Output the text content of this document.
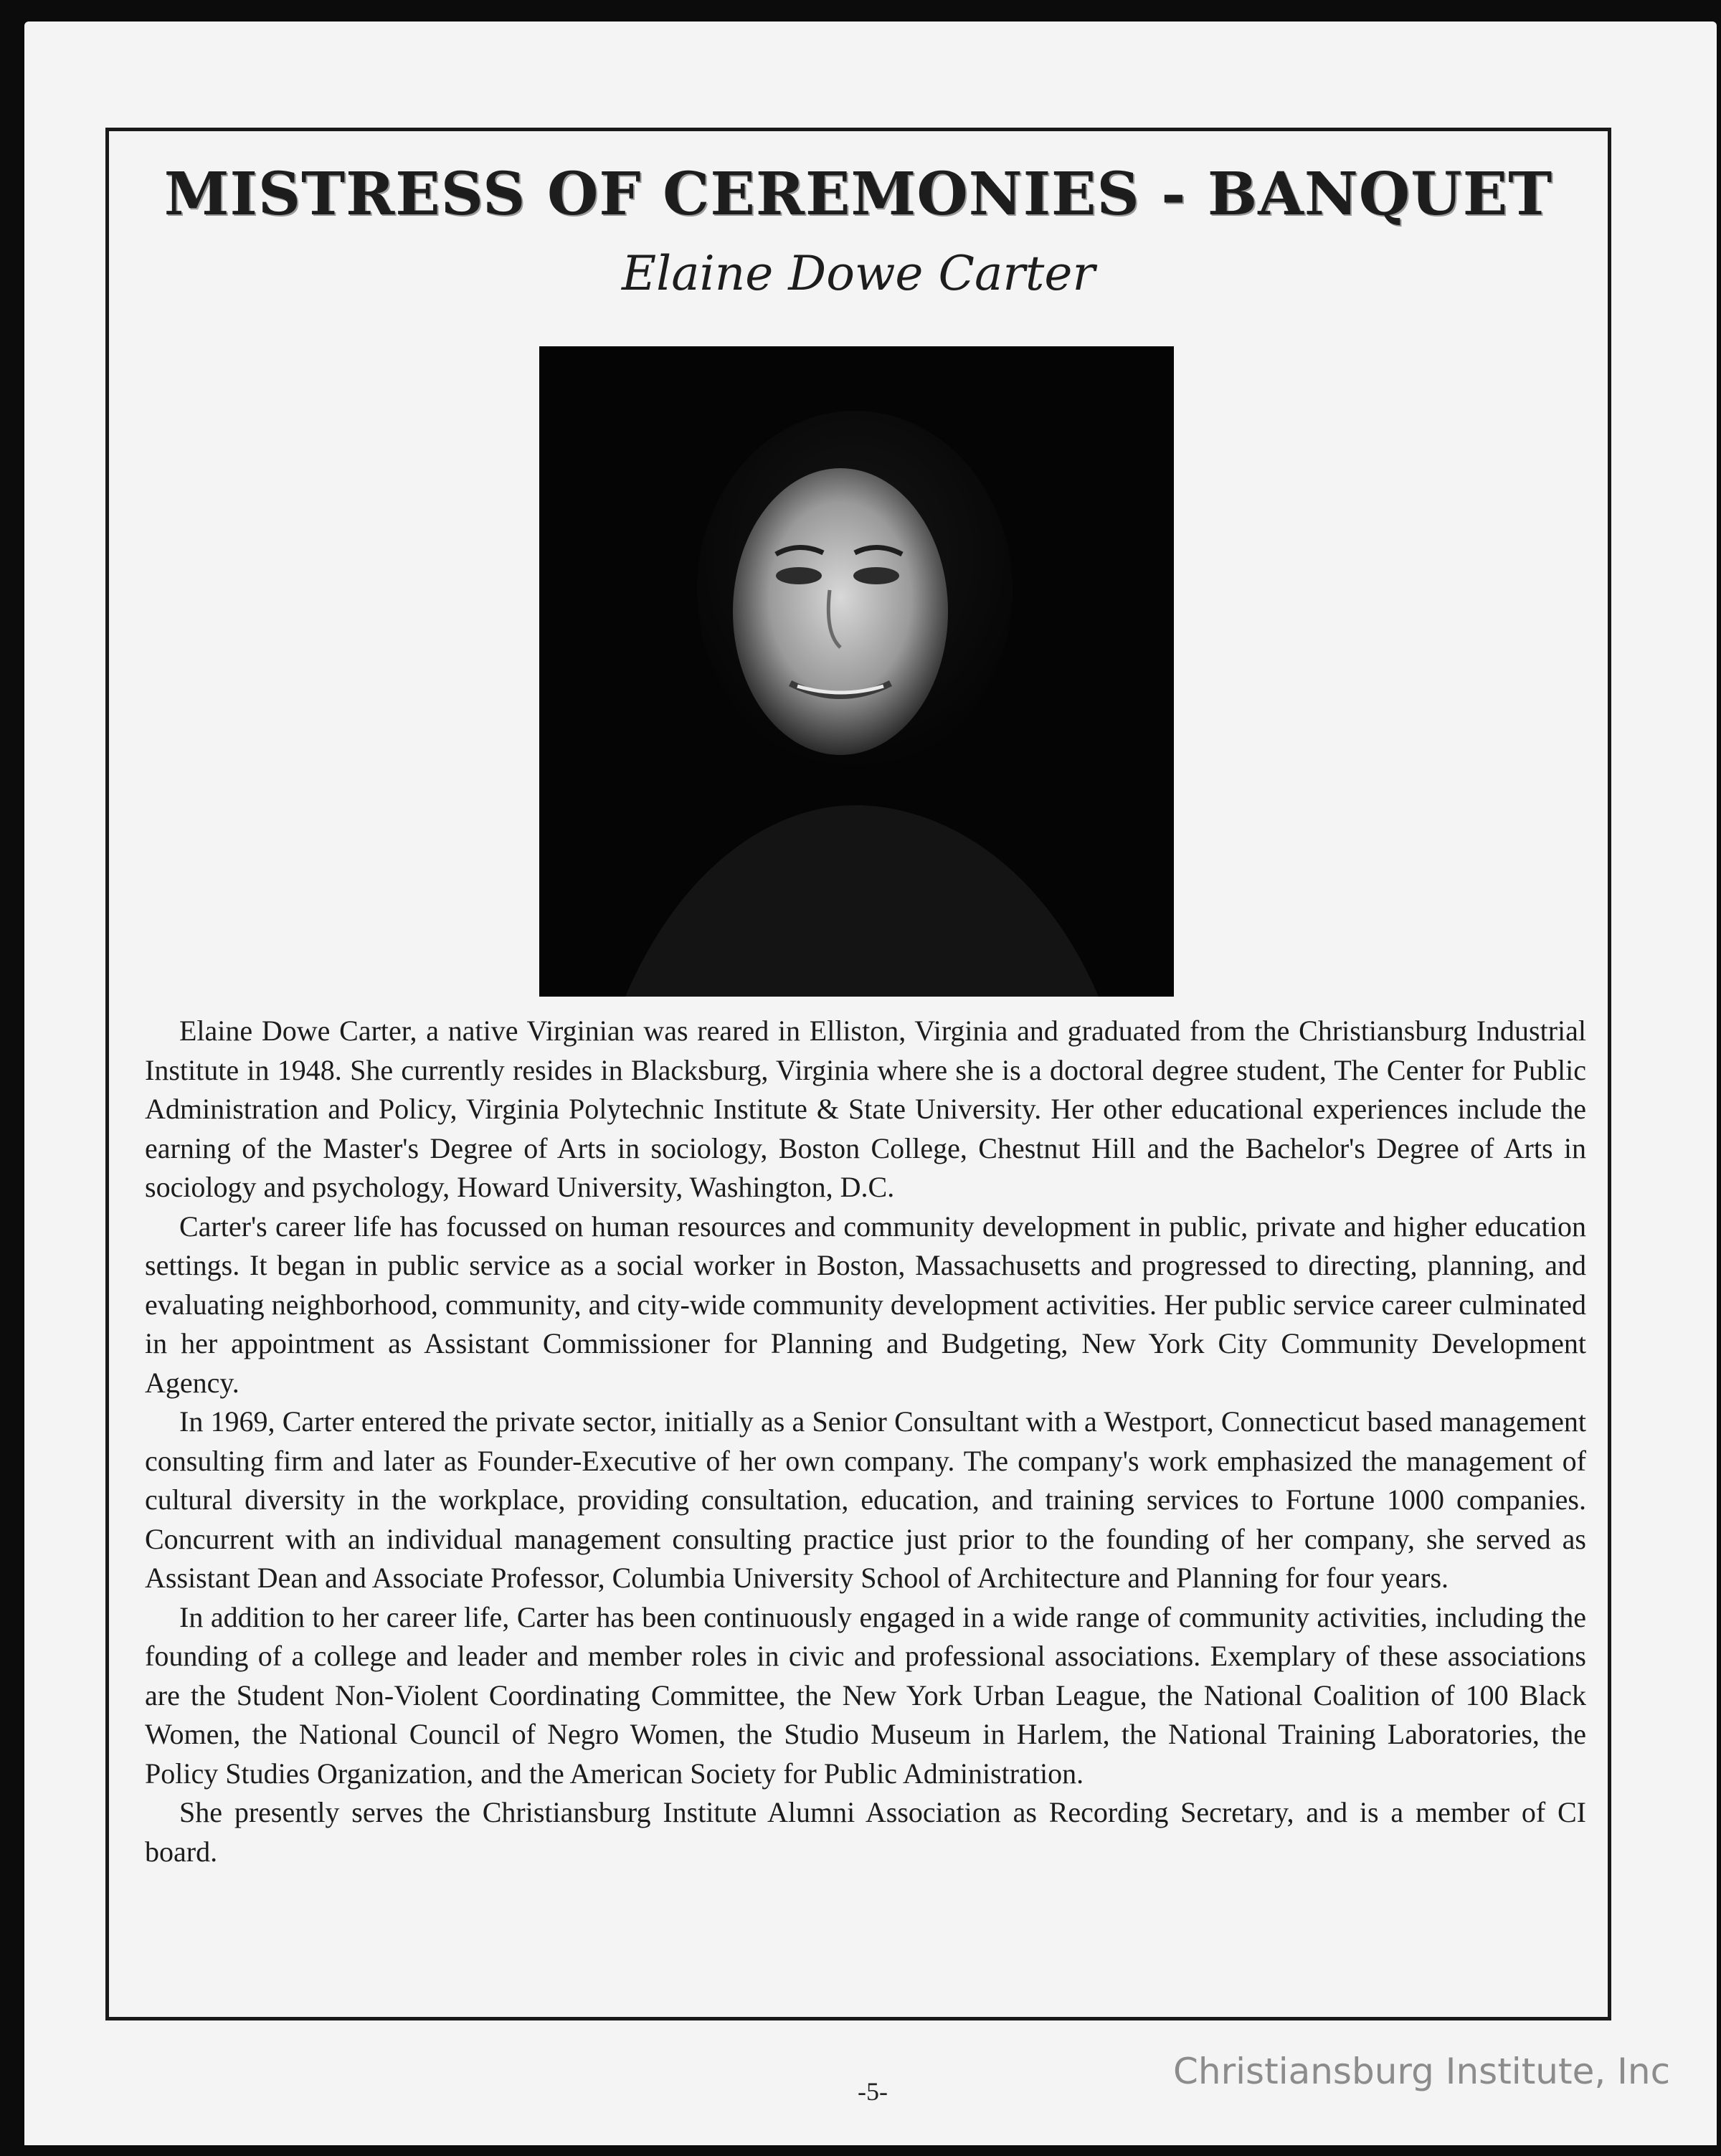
MISTRESS OF CEREMONIES - BANQUET
Elaine Dowe Carter

Elaine Dowe Carter, a native Virginian was reared in Elliston, Virginia and graduated from the Christiansburg Industrial Institute in 1948. She currently resides in Blacksburg, Virginia where she is a doctoral degree student, The Center for Public Administration and Policy, Virginia Polytechnic Institute & State University. Her other educational experiences include the earning of the Master's Degree of Arts in sociology, Boston College, Chestnut Hill and the Bachelor's Degree of Arts in sociology and psychology, Howard University, Washington, D.C.

Carter's career life has focussed on human resources and community development in public, private and higher education settings. It began in public service as a social worker in Boston, Massachusetts and progressed to directing, planning, and evaluating neighborhood, community, and city-wide community development activities. Her public service career culminated in her appointment as Assistant Commissioner for Planning and Budgeting, New York City Community Development Agency.

In 1969, Carter entered the private sector, initially as a Senior Consultant with a Westport, Connecticut based management consulting firm and later as Founder-Executive of her own company. The company's work emphasized the management of cultural diversity in the workplace, providing consultation, education, and training services to Fortune 1000 companies. Concurrent with an individual management consulting practice just prior to the founding of her company, she served as Assistant Dean and Associate Professor, Columbia University School of Architecture and Planning for four years.

In addition to her career life, Carter has been continuously engaged in a wide range of community activities, including the founding of a college and leader and member roles in civic and professional associations. Exemplary of these associations are the Student Non-Violent Coordinating Committee, the New York Urban League, the National Coalition of 100 Black Women, the National Council of Negro Women, the Studio Museum in Harlem, the National Training Laboratories, the Policy Studies Organization, and the American Society for Public Administration.

She presently serves the Christiansburg Institute Alumni Association as Recording Secretary, and is a member of CI board.

-5-	Christiansburg Institute, Inc
